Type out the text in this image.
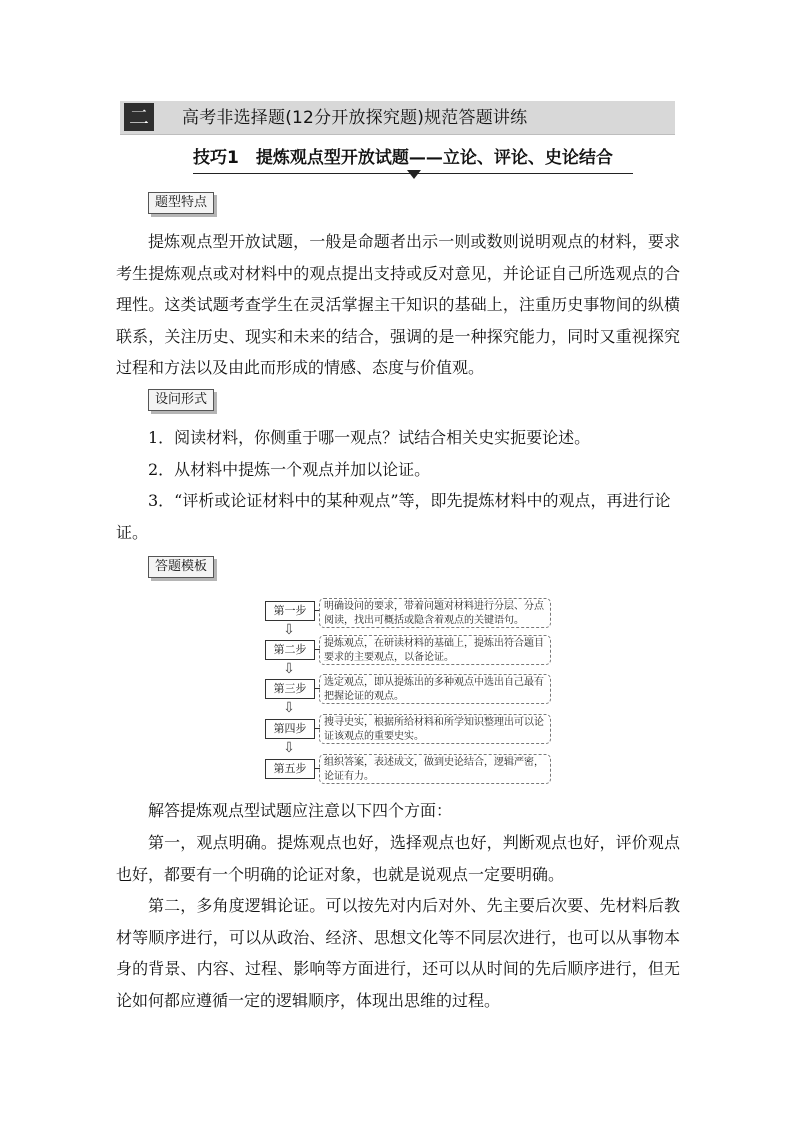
二 高考非选择题(12分开放探究题)规范答题讲练
技巧1　提炼观点型开放试题——立论、评论、史论结合
题型特点

提炼观点型开放试题，一般是命题者出示一则或数则说明观点的材料，要求考生提炼观点或对材料中的观点提出支持或反对意见，并论证自己所选观点的合理性。这类试题考查学生在灵活掌握主干知识的基础上，注重历史事物间的纵横联系，关注历史、现实和未来的结合，强调的是一种探究能力，同时又重视探究过程和方法以及由此而形成的情感、态度与价值观。

设问形式

1．阅读材料，你侧重于哪一观点？试结合相关史实扼要论述。

2．从材料中提炼一个观点并加以论证。

3．“评析或论证材料中的某种观点”等，即先提炼材料中的观点，再进行论证。

答题模板
第一步	明确设问的要求，带着问题对材料进行分层、分点阅读，找出可概括或隐含着观点的关键语句。
⇩
第二步	提炼观点，在研读材料的基础上，提炼出符合题目要求的主要观点，以备论证。
⇩
第三步	选定观点，即从提炼出的多种观点中选出自己最有把握论证的观点。
⇩
第四步	搜寻史实，根据所给材料和所学知识整理出可以论证该观点的重要史实。
⇩
第五步	组织答案，表述成文，做到史论结合，逻辑严密，论证有力。

解答提炼观点型试题应注意以下四个方面：

第一，观点明确。提炼观点也好，选择观点也好，判断观点也好，评价观点也好，都要有一个明确的论证对象，也就是说观点一定要明确。

第二，多角度逻辑论证。可以按先对内后对外、先主要后次要、先材料后教材等顺序进行，可以从政治、经济、思想文化等不同层次进行，也可以从事物本身的背景、内容、过程、影响等方面进行，还可以从时间的先后顺序进行，但无论如何都应遵循一定的逻辑顺序，体现出思维的过程。
